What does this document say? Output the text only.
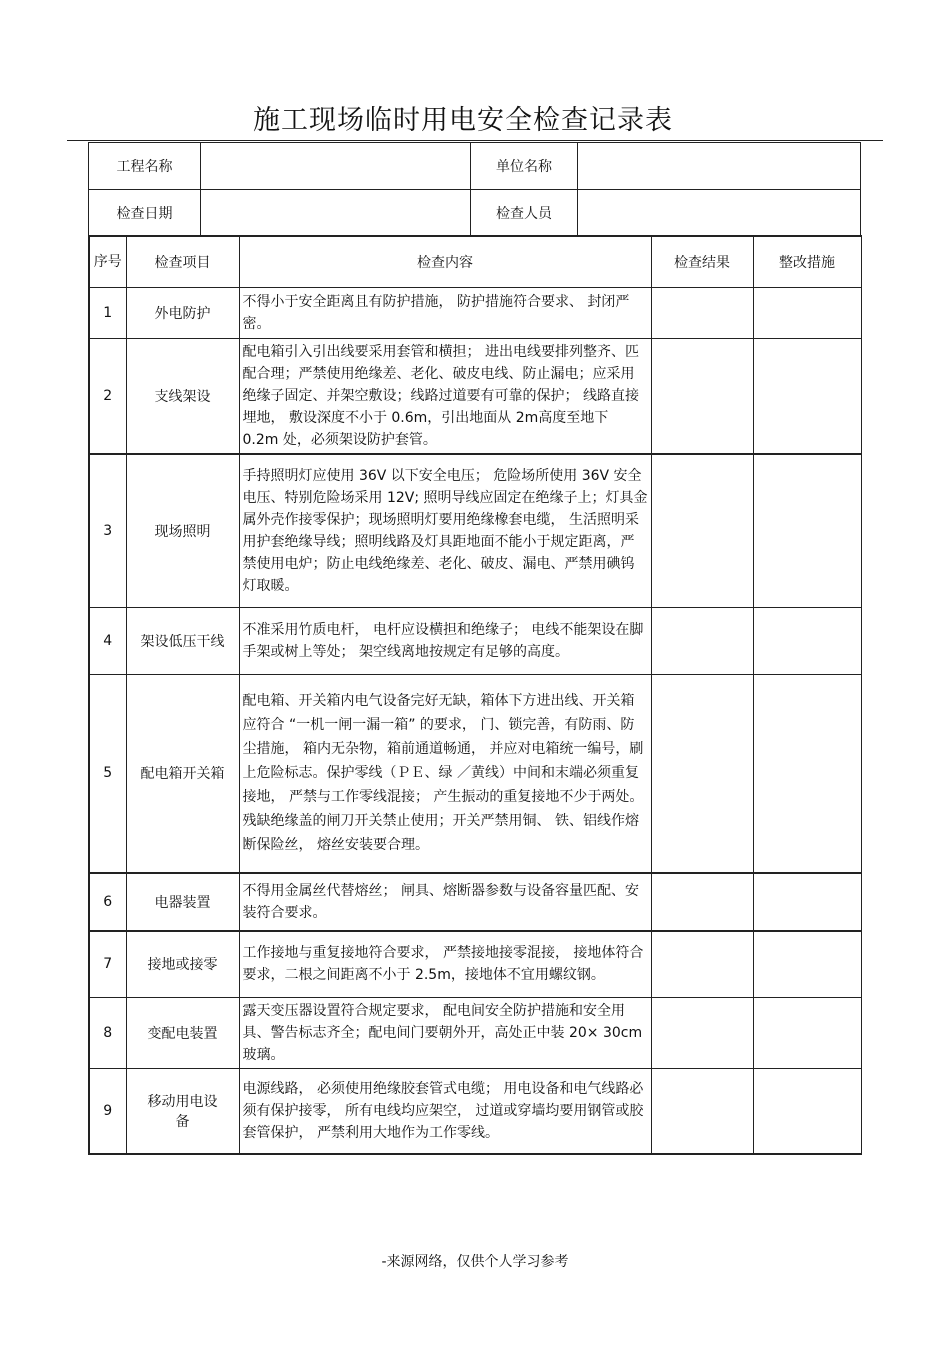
施工现场临时用电安全检查记录表
工程名称		单位名称	
检查日期		检查人员	
序号	检查项目	检查内容	检查结果	整改措施
1	外电防护	不得小于安全距离且有防护措施， 防护措施符合要求、 封闭严密。		
2	支线架设	配电箱引入引出线要采用套管和横担； 进出电线要排列整齐、匹配合理；严禁使用绝缘差、老化、破皮电线、防止漏电；应采用绝缘子固定、并架空敷设；线路过道要有可靠的保护； 线路直接埋地， 敷设深度不小于 0.6m，引出地面从 2m高度至地下 0.2m 处，必须架设防护套管。		
3	现场照明	手持照明灯应使用 36V 以下安全电压； 危险场所使用 36V 安全电压、特别危险场采用 12V; 照明导线应固定在绝缘子上；灯具金属外壳作接零保护；现场照明灯要用绝缘橡套电缆， 生活照明采用护套绝缘导线；照明线路及灯具距地面不能小于规定距离，严禁使用电炉；防止电线绝缘差、老化、破皮、漏电、严禁用碘钨灯取暖。		
4	架设低压干线	不准采用竹质电杆， 电杆应设横担和绝缘子； 电线不能架设在脚手架或树上等处； 架空线离地按规定有足够的高度。		
5	配电箱开关箱	配电箱、开关箱内电气设备完好无缺，箱体下方进出线、开关箱应符合 “一机一闸一漏一箱” 的要求， 门、锁完善，有防雨、防尘措施， 箱内无杂物，箱前通道畅通， 并应对电箱统一编号，刷上危险标志。保护零线（ＰＥ、绿 ／黄线）中间和末端必须重复接地， 严禁与工作零线混接； 产生振动的重复接地不少于两处。 残缺绝缘盖的闸刀开关禁止使用；开关严禁用铜、 铁、铝线作熔断保险丝， 熔丝安装要合理。		
6	电器装置	不得用金属丝代替熔丝； 闸具、熔断器参数与设备容量匹配、安装符合要求。		
7	接地或接零	工作接地与重复接地符合要求， 严禁接地接零混接， 接地体符合要求，二根之间距离不小于 2.5m，接地体不宜用螺纹钢。		
8	变配电装置	露天变压器设置符合规定要求， 配电间安全防护措施和安全用具、警告标志齐全；配电间门要朝外开，高处正中装 20× 30cm玻璃。		
9	移动用电设备	电源线路， 必须使用绝缘胶套管式电缆； 用电设备和电气线路必须有保护接零， 所有电线均应架空， 过道或穿墙均要用钢管或胶套管保护， 严禁利用大地作为工作零线。		
-来源网络，仅供个人学习参考
